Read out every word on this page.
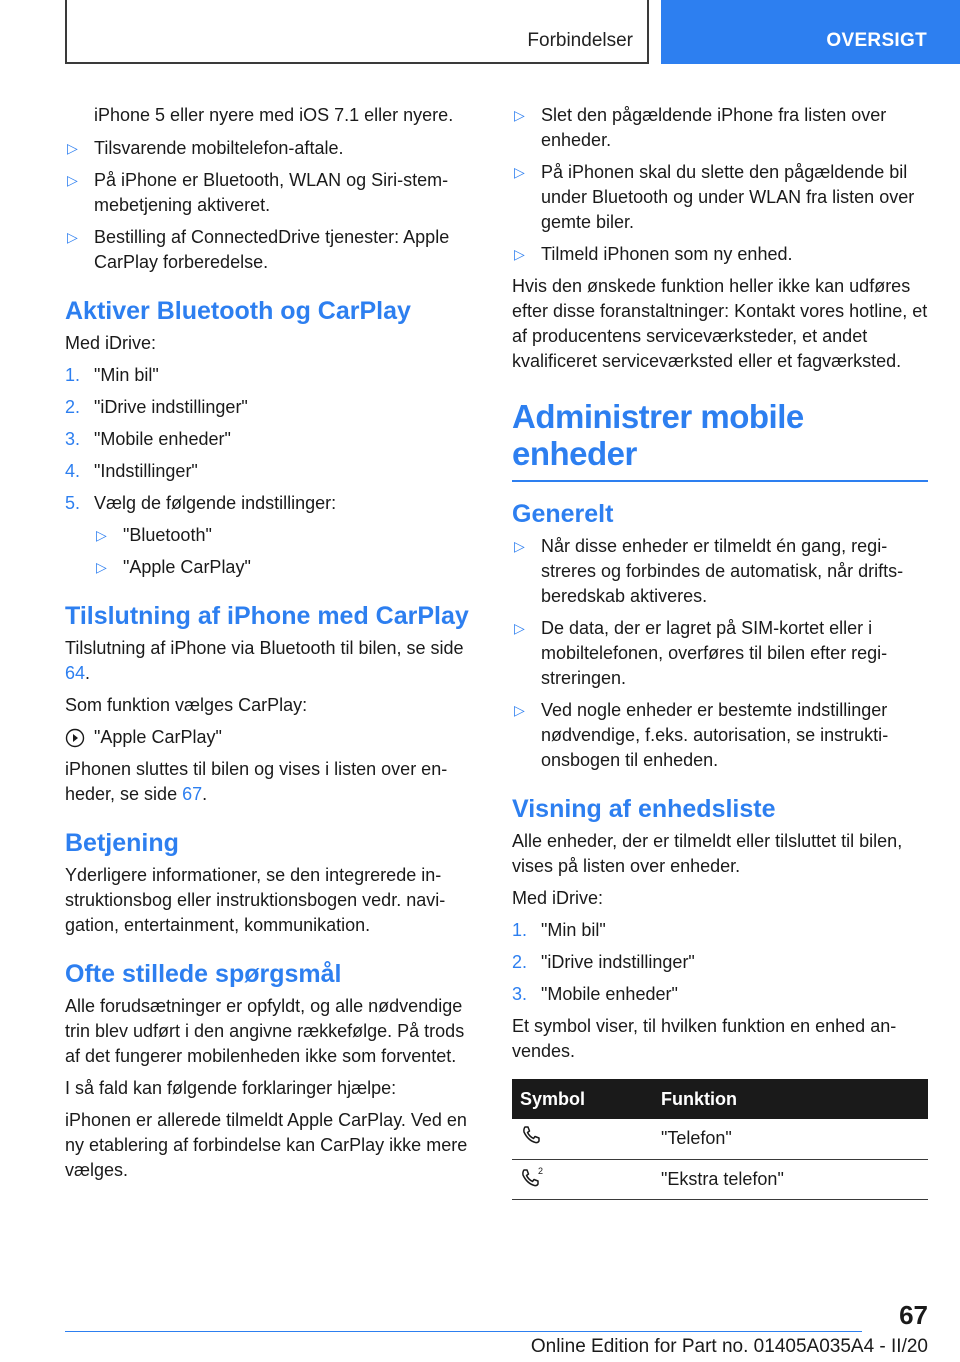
Forbindelser	OVERSIGT

iPhone 5 eller nyere med iOS 7.1 eller nyere.

▷ Tilsvarende mobiltelefon-aftale.
▷ På iPhone er Bluetooth, WLAN og Siri-stemmebetjening aktiveret.
▷ Bestilling af ConnectedDrive tjenester: Apple CarPlay forberedelse.
Aktiver Bluetooth og CarPlay

Med iDrive:

1. "Min bil"
2. "iDrive indstillinger"
3. "Mobile enheder"
4. "Indstillinger"
5. Vælg de følgende indstillinger:
▷ "Bluetooth"
▷ "Apple CarPlay"
Tilslutning af iPhone med CarPlay

Tilslutning af iPhone via Bluetooth til bilen, se side 64.

Som funktion vælges CarPlay:

"Apple CarPlay"

iPhonen sluttes til bilen og vises i listen over enheder, se side 67.

Betjening

Yderligere informationer, se den integrerede instruktionsbog eller instruktionsbogen vedr. navigation, entertainment, kommunikation.

Ofte stillede spørgsmål

Alle forudsætninger er opfyldt, og alle nødvendige trin blev udført i den angivne rækkefølge. På trods af det fungerer mobilenheden ikke som forventet.

I så fald kan følgende forklaringer hjælpe:

iPhonen er allerede tilmeldt Apple CarPlay. Ved en ny etablering af forbindelse kan CarPlay ikke mere vælges.

▷ Slet den pågældende iPhone fra listen over enheder.
▷ På iPhonen skal du slette den pågældende bil under Bluetooth og under WLAN fra listen over gemte biler.
▷ Tilmeld iPhonen som ny enhed.

Hvis den ønskede funktion heller ikke kan udføres efter disse foranstaltninger: Kontakt vores hotline, et af producentens serviceværksteder, et andet kvalificeret serviceværksted eller et fagværksted.

Administrer mobile enheder
Generelt
▷ Når disse enheder er tilmeldt én gang, registreres og forbindes de automatisk, når driftsberedskab aktiveres.
▷ De data, der er lagret på SIM-kortet eller i mobiltelefonen, overføres til bilen efter registreringen.
▷ Ved nogle enheder er bestemte indstillinger nødvendige, f.eks. autorisation, se instruktionsbogen til enheden.
Visning af enhedsliste

Alle enheder, der er tilmeldt eller tilsluttet til bilen, vises på listen over enheder.

Med iDrive:

1. "Min bil"
2. "iDrive indstillinger"
3. "Mobile enheder"

Et symbol viser, til hvilken funktion en enhed anvendes.

Symbol	Funktion
	"Telefon"

2	"Ekstra telefon"
67
Online Edition for Part no. 01405A035A4 - II/20
